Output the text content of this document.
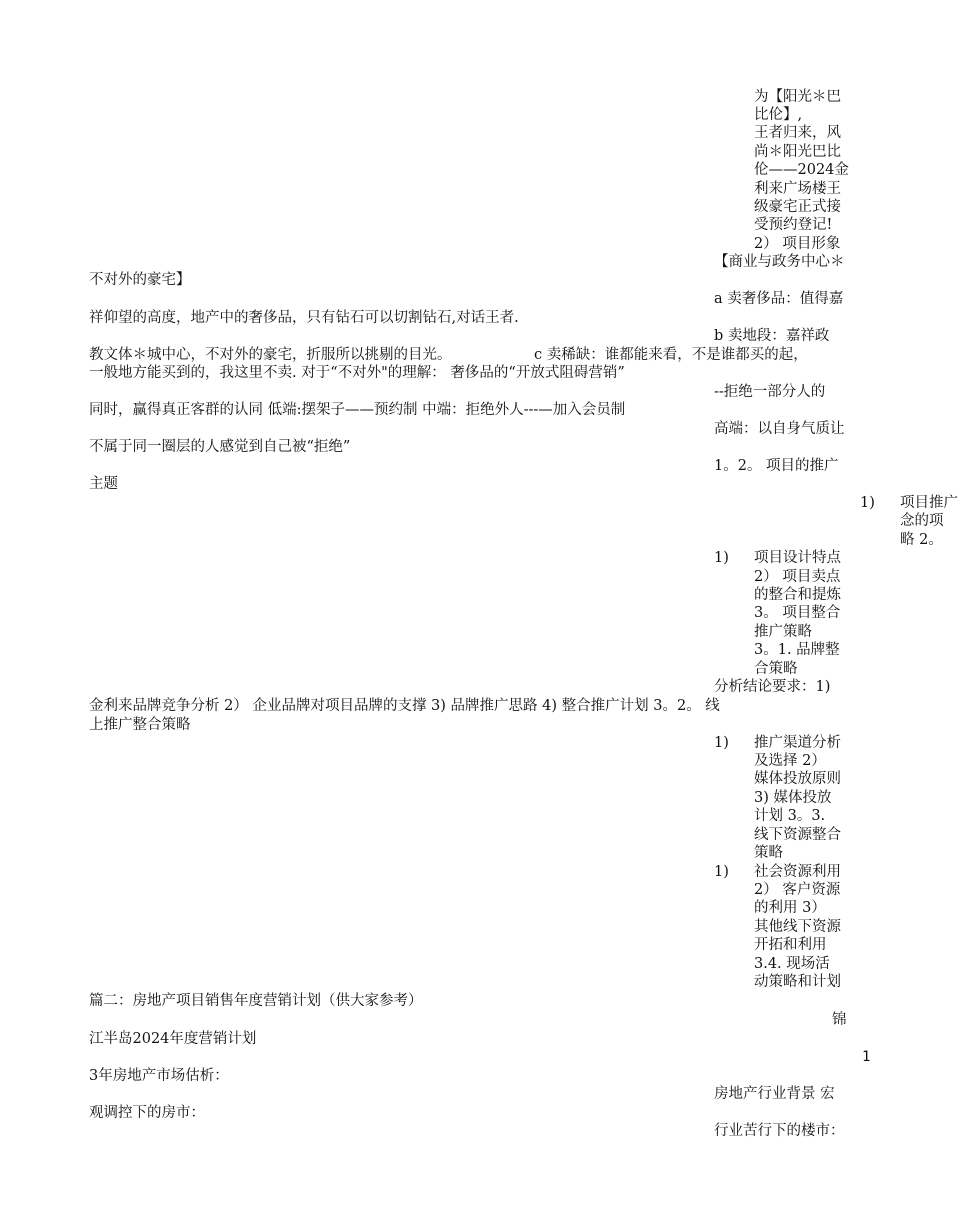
不对外的豪宅】
祥仰望的高度，地产中的奢侈品，只有钻石可以切割钻石,对话王者.
教文体＊城中心，不对外的豪宅，折服所以挑剔的目光。	c 卖稀缺：谁都能来看，不是谁都买的起，
一般地方能买到的，我这里不卖. 对于“不对外"的理解： 奢侈品的“开放式阻碍营销”
同时，赢得真正客群的认同 低端:摆架子——预约制 中端：拒绝外人---—加入会员制
不属于同一圈层的人感觉到自己被“拒绝”
主题
金利来品牌竞争分析 2） 企业品牌对项目品牌的支撑 3) 品牌推广思路 4) 整合推广计划 3。2。 线
上推广整合策略
篇二：房地产项目销售年度营销计划（供大家参考）
江半岛2024年度营销计划
3年房地产市场估析：
观调控下的房市：
为【阳光＊巴
比伦】,
王者归来，风
尚＊阳光巴比
伦——2024金
利来广场楼王
级豪宅正式接
受预约登记!
2） 项目形象
【商业与政务中心＊
a 卖奢侈品：值得嘉
b 卖地段：嘉祥政
--拒绝一部分人的
高端：以自身气质让
1。2。 项目的推广
1) 项目推广
念的项
略 2。
1) 项目设计特点
2） 项目卖点
的整合和提炼
3。 项目整合
推广策略
3。1. 品牌整
合策略
分析结论要求：1)
1) 推广渠道分析
及选择 2）
媒体投放原则
3) 媒体投放
计划 3。3.
线下资源整合
策略
1) 社会资源利用
2） 客户资源
的利用 3）
其他线下资源
开拓和利用
3.4. 现场活
动策略和计划
锦
1
房地产行业背景 宏
行业苦行下的楼市：
